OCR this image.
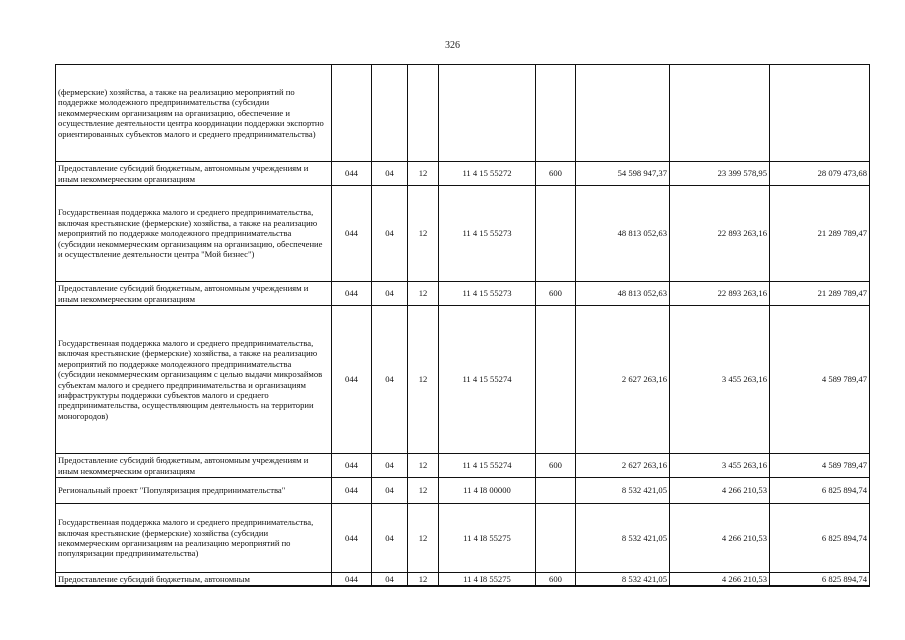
326
(фермерские) хозяйства, а также на реализацию мероприятий по поддержке молодежного предпринимательства (субсидии некоммерческим организациям на организацию, обеспечение и осуществление деятельности центра координации поддержки экспортно ориентированных субъектов малого и среднего предпринимательства)								
Предоставление субсидий бюджетным, автономным учреждениям и иным некоммерческим организациям	044	04	12	11 4 15 55272	600	54 598 947,37	23 399 578,95	28 079 473,68
Государственная поддержка малого и среднего предпринимательства, включая крестьянские (фермерские) хозяйства, а также на реализацию мероприятий по поддержке молодежного предпринимательства (субсидии некоммерческим организациям на организацию, обеспечение и осуществление деятельности центра "Мой бизнес")	044	04	12	11 4 15 55273		48 813 052,63	22 893 263,16	21 289 789,47
Предоставление субсидий бюджетным, автономным учреждениям и иным некоммерческим организациям	044	04	12	11 4 15 55273	600	48 813 052,63	22 893 263,16	21 289 789,47
Государственная поддержка малого и среднего предпринимательства, включая крестьянские (фермерские) хозяйства, а также на реализацию мероприятий по поддержке молодежного предпринимательства (субсидии некоммерческим организациям с целью выдачи микрозаймов субъектам малого и среднего предпринимательства и организациям инфраструктуры поддержки субъектов малого и среднего предпринимательства, осуществляющим деятельность на территории моногородов)	044	04	12	11 4 15 55274		2 627 263,16	3 455 263,16	4 589 789,47
Предоставление субсидий бюджетным, автономным учреждениям и иным некоммерческим организациям	044	04	12	11 4 15 55274	600	2 627 263,16	3 455 263,16	4 589 789,47
Региональный проект "Популяризация предпринимательства"	044	04	12	11 4 I8 00000		8 532 421,05	4 266 210,53	6 825 894,74
Государственная поддержка малого и среднего предпринимательства, включая крестьянские (фермерские) хозяйства (субсидии некоммерческим организациям на реализацию мероприятий по популяризации предпринимательства)	044	04	12	11 4 I8 55275		8 532 421,05	4 266 210,53	6 825 894,74
Предоставление субсидий бюджетным, автономным	044	04	12	11 4 I8 55275	600	8 532 421,05	4 266 210,53	6 825 894,74
